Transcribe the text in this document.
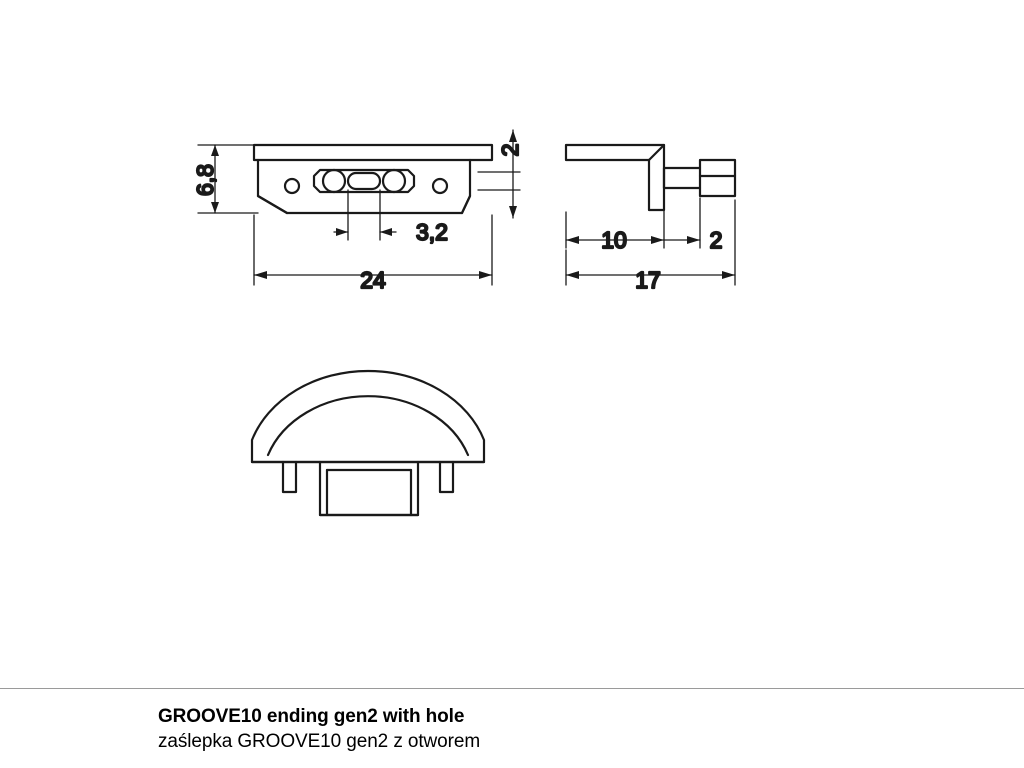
6,8
3,2
24
2
10	2
17
GROOVE10 ending gen2 with hole
zaślepka GROOVE10 gen2 z otworem
